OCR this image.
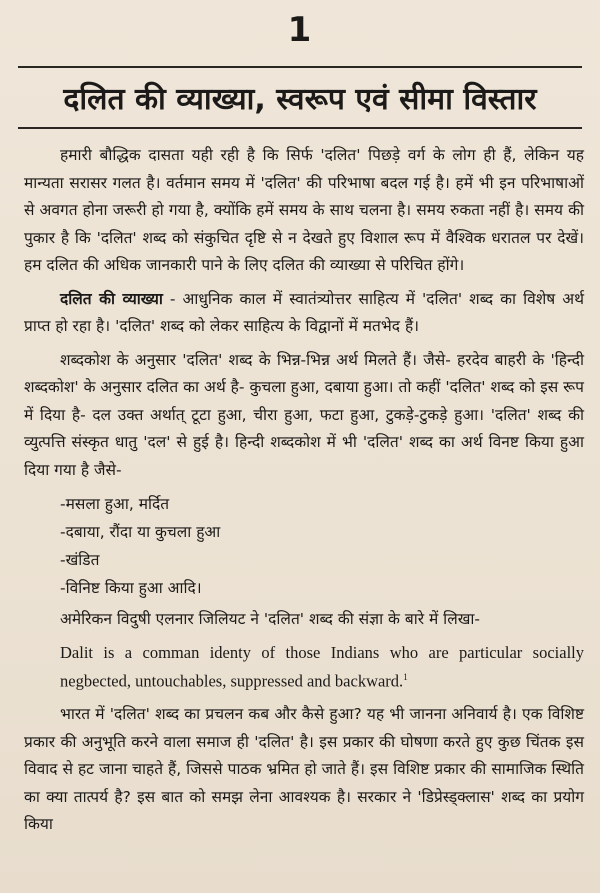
1
दलित की व्याख्या, स्वरूप एवं सीमा विस्तार

हमारी बौद्धिक दासता यही रही है कि सिर्फ 'दलित' पिछड़े वर्ग के लोग ही हैं, लेकिन यह मान्यता सरासर गलत है। वर्तमान समय में 'दलित' की परिभाषा बदल गई है। हमें भी इन परिभाषाओं से अवगत होना जरूरी हो गया है, क्योंकि हमें समय के साथ चलना है। समय रुकता नहीं है। समय की पुकार है कि 'दलित' शब्द को संकुचित दृष्टि से न देखते हुए विशाल रूप में वैश्विक धरातल पर देखें। हम दलित की अधिक जानकारी पाने के लिए दलित की व्याख्या से परिचित होंगे।

दलित की व्याख्या - आधुनिक काल में स्वातंत्र्योत्तर साहित्य में 'दलित' शब्द का विशेष अर्थ प्राप्त हो रहा है। 'दलित' शब्द को लेकर साहित्य के विद्वानों में मतभेद हैं।

शब्दकोश के अनुसार 'दलित' शब्द के भिन्न-भिन्न अर्थ मिलते हैं। जैसे- हरदेव बाहरी के 'हिन्दी शब्दकोश' के अनुसार दलित का अर्थ है- कुचला हुआ, दबाया हुआ। तो कहीं 'दलित' शब्द को इस रूप में दिया है- दल उक्त अर्थात् टूटा हुआ, चीरा हुआ, फटा हुआ, टुकड़े-टुकड़े हुआ। 'दलित' शब्द की व्युत्पत्ति संस्कृत धातु 'दल' से हुई है। हिन्दी शब्दकोश में भी 'दलित' शब्द का अर्थ विनष्ट किया हुआ दिया गया है जैसे-

-मसला हुआ, मर्दित
-दबाया, रौंदा या कुचला हुआ
-खंडित
-विनिष्ट किया हुआ आदि।

अमेरिकन विदुषी एलनार जिलियट ने 'दलित' शब्द की संज्ञा के बारे में लिखा-

Dalit is a comman identy of those Indians who are particular socially negbected, untouchables, suppressed and backward.$^1$

भारत में 'दलित' शब्द का प्रचलन कब और कैसे हुआ? यह भी जानना अनिवार्य है। एक विशिष्ट प्रकार की अनुभूति करने वाला समाज ही 'दलित' है। इस प्रकार की घोषणा करते हुए कुछ चिंतक इस विवाद से हट जाना चाहते हैं, जिससे पाठक भ्रमित हो जाते हैं। इस विशिष्ट प्रकार की सामाजिक स्थिति का क्या तात्पर्य है? इस बात को समझ लेना आवश्यक है। सरकार ने 'डिप्रेस्ड्क्लास' शब्द का प्रयोग किया
